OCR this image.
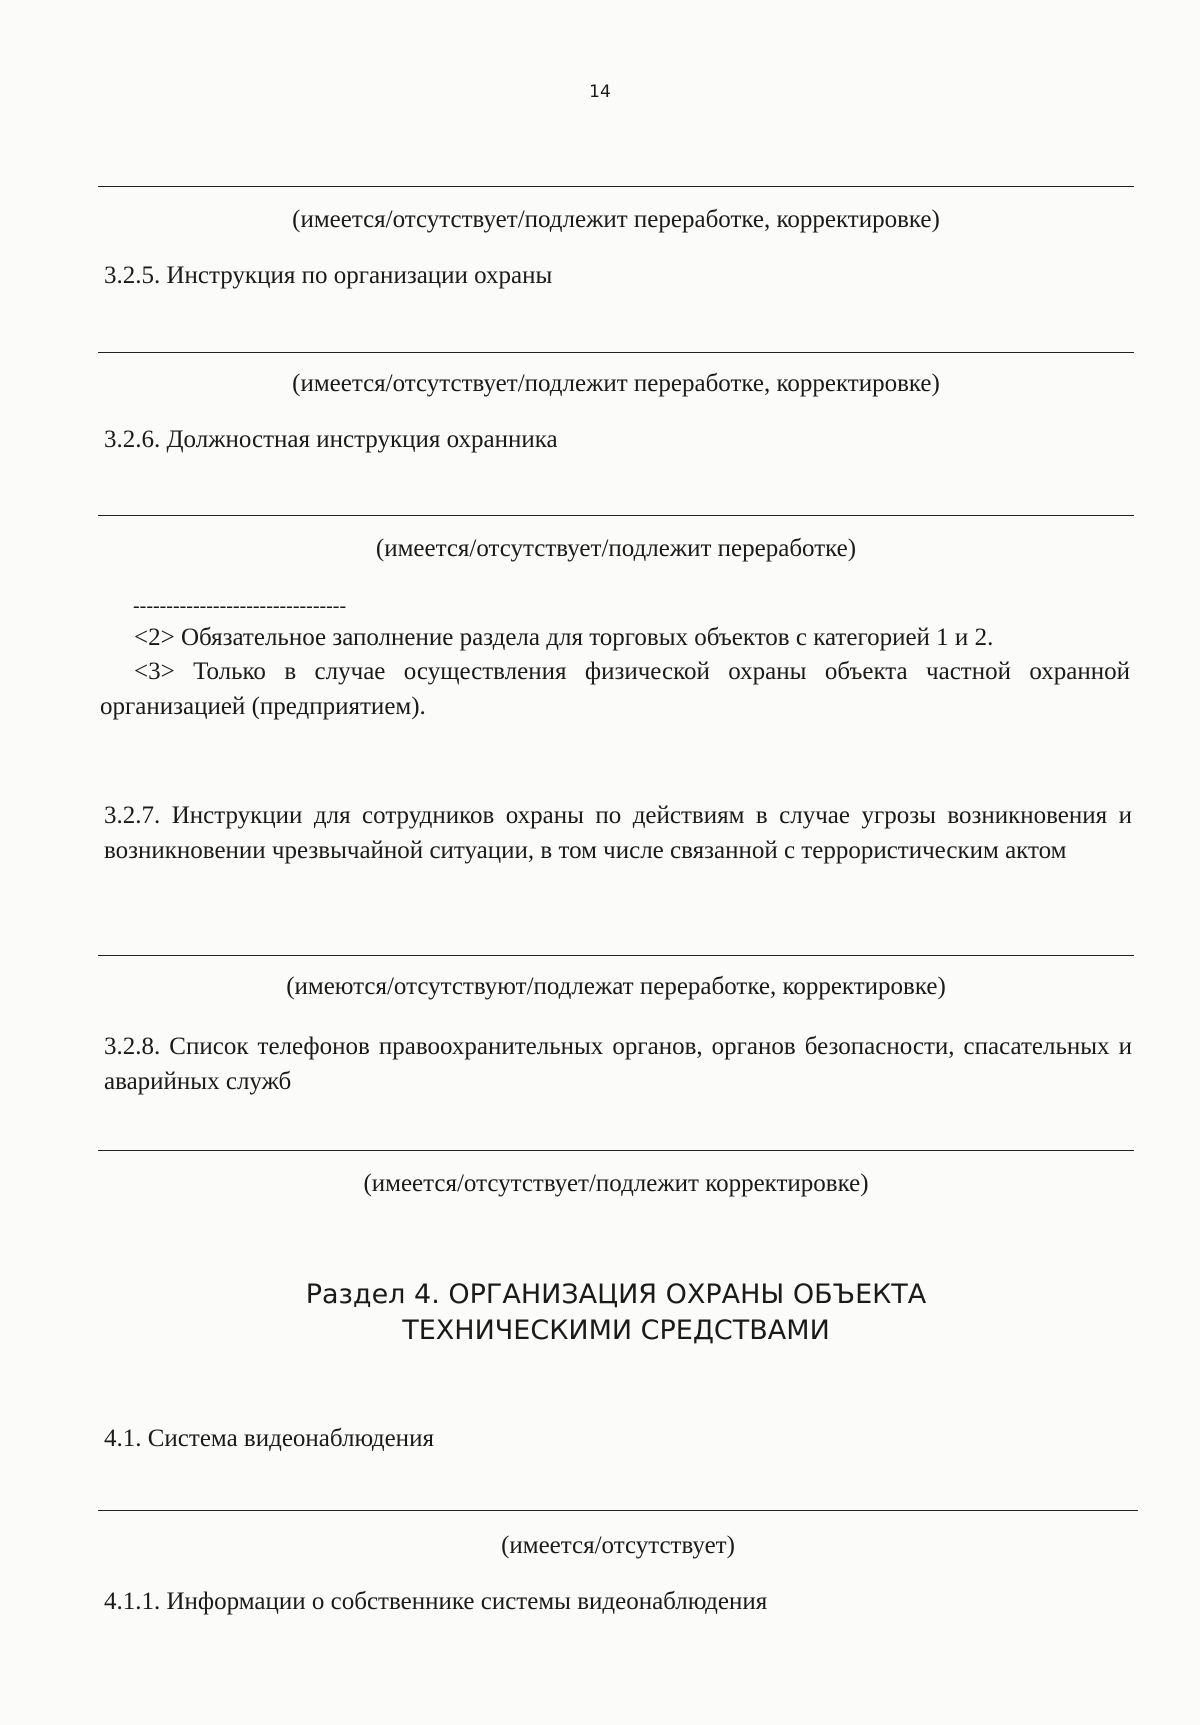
14
(имеется/отсутствует/подлежит переработке, корректировке)
3.2.5. Инструкция по организации охраны
(имеется/отсутствует/подлежит переработке, корректировке)
3.2.6. Должностная инструкция охранника
(имеется/отсутствует/подлежит переработке)
--------------------------------
<2> Обязательное заполнение раздела для торговых объектов с категорией 1 и 2.
<3> Только в случае осуществления физической охраны объекта частной охранной организацией (предприятием).
3.2.7. Инструкции для сотрудников охраны по действиям в случае угрозы возникновения и возникновении чрезвычайной ситуации, в том числе связанной с террористическим актом
(имеются/отсутствуют/подлежат переработке, корректировке)
3.2.8. Список телефонов правоохранительных органов, органов безопасности, спасательных и аварийных служб
(имеется/отсутствует/подлежит корректировке)
Раздел 4. ОРГАНИЗАЦИЯ ОХРАНЫ ОБЪЕКТА
ТЕХНИЧЕСКИМИ СРЕДСТВАМИ
4.1. Система видеонаблюдения
(имеется/отсутствует)
4.1.1. Информации о собственнике системы видеонаблюдения
